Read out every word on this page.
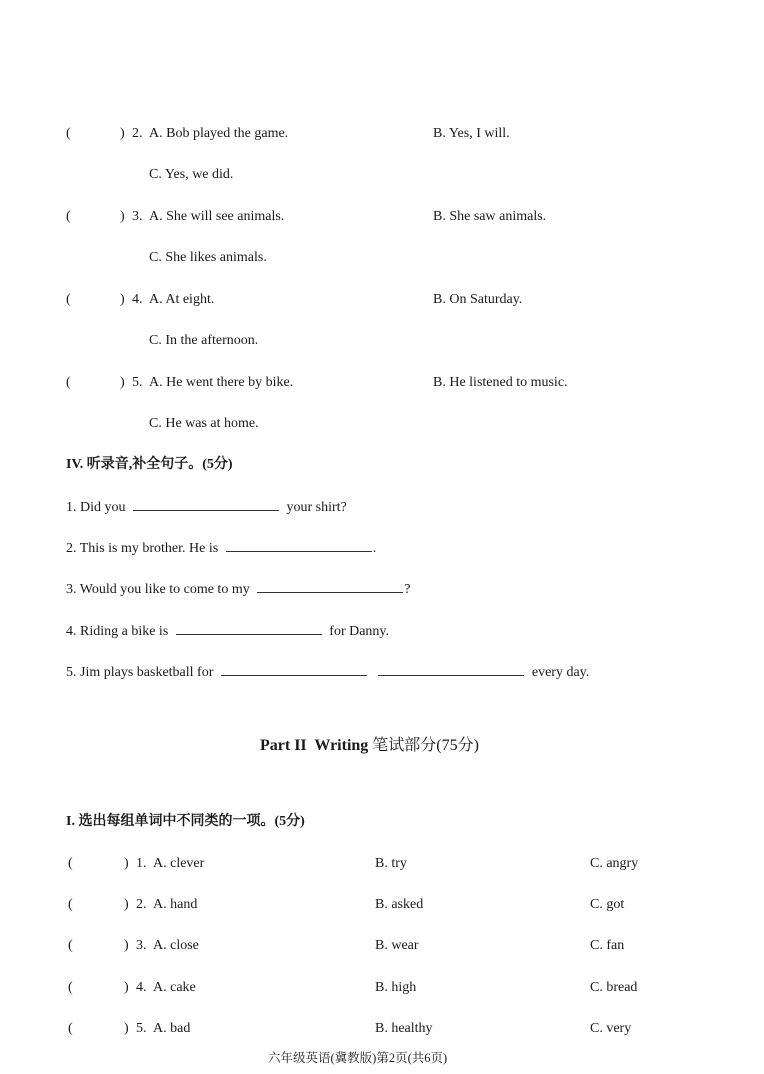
(	) 2. A. Bob played the game.	B. Yes, I will.
C. Yes, we did.
(	) 3. A. She will see animals.	B. She saw animals.
C. She likes animals.
(	) 4. A. At eight.	B. On Saturday.
C. In the afternoon.
(	) 5. A. He went there by bike.	B. He listened to music.
C. He was at home.
IV. 听录音,补全句子。(5分)
1. Did you	your shirt?
2. This is my brother. He is	.
3. Would you like to come to my	?
4. Riding a bike is	for Danny.
5. Jim plays basketball for	every day.
Part II  Writing 笔试部分(75分)
I. 选出每组单词中不同类的一项。(5分)
(	) 1. A. clever	B. try	C. angry
(	) 2. A. hand	B. asked	C. got
(	) 3. A. close	B. wear	C. fan
(	) 4. A. cake	B. high	C. bread
(	) 5. A. bad	B. healthy	C. very
六年级英语(冀教版)第2页(共6页)
